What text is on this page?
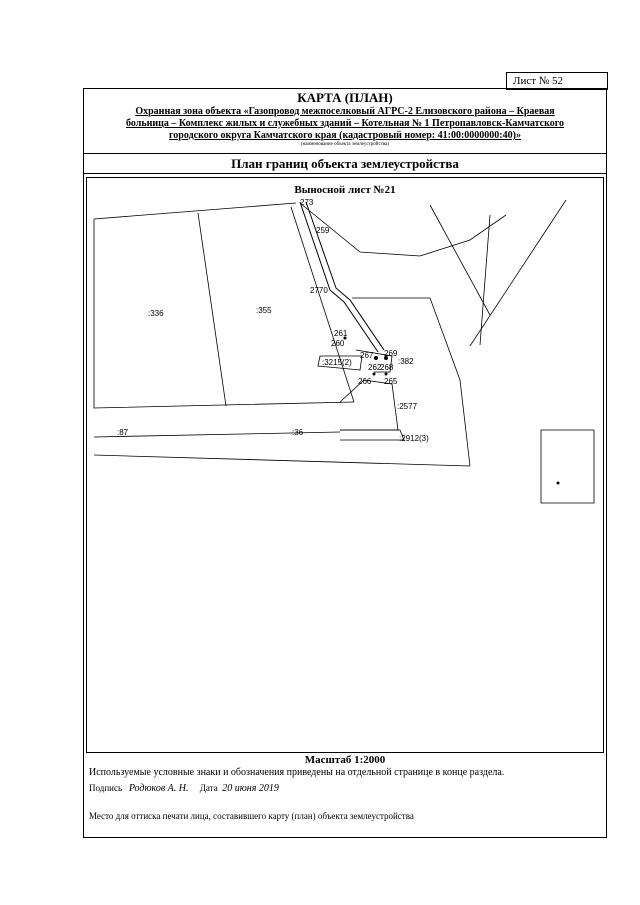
Лист № 52
КАРТА (ПЛАН)
Охранная зона объекта «Газопровод межпоселковый АГРС-2 Елизовского района – Краевая
больница – Комплекс жилых и служебных зданий – Котельная № 1 Петропавловск-Камчатского
городского округа Камчатского края (кадастровый номер: 41:00:0000000:40)»
(наименование объекта землеустройства)
План границ объекта землеустройства
Выносной лист №21
:336	:355
:382
:2577
:3215(2)
:87	:36
:2912(3)
273
259
2770
261
260
267 269
262
268
266 265
Масштаб 1:2000
Используемые условные знаки и обозначения приведены на отдельной странице в конце раздела.
Подпись Родюков А. Н. Дата 20 июня 2019
Место для оттиска печати лица, составившего карту (план) объекта землеустройства
